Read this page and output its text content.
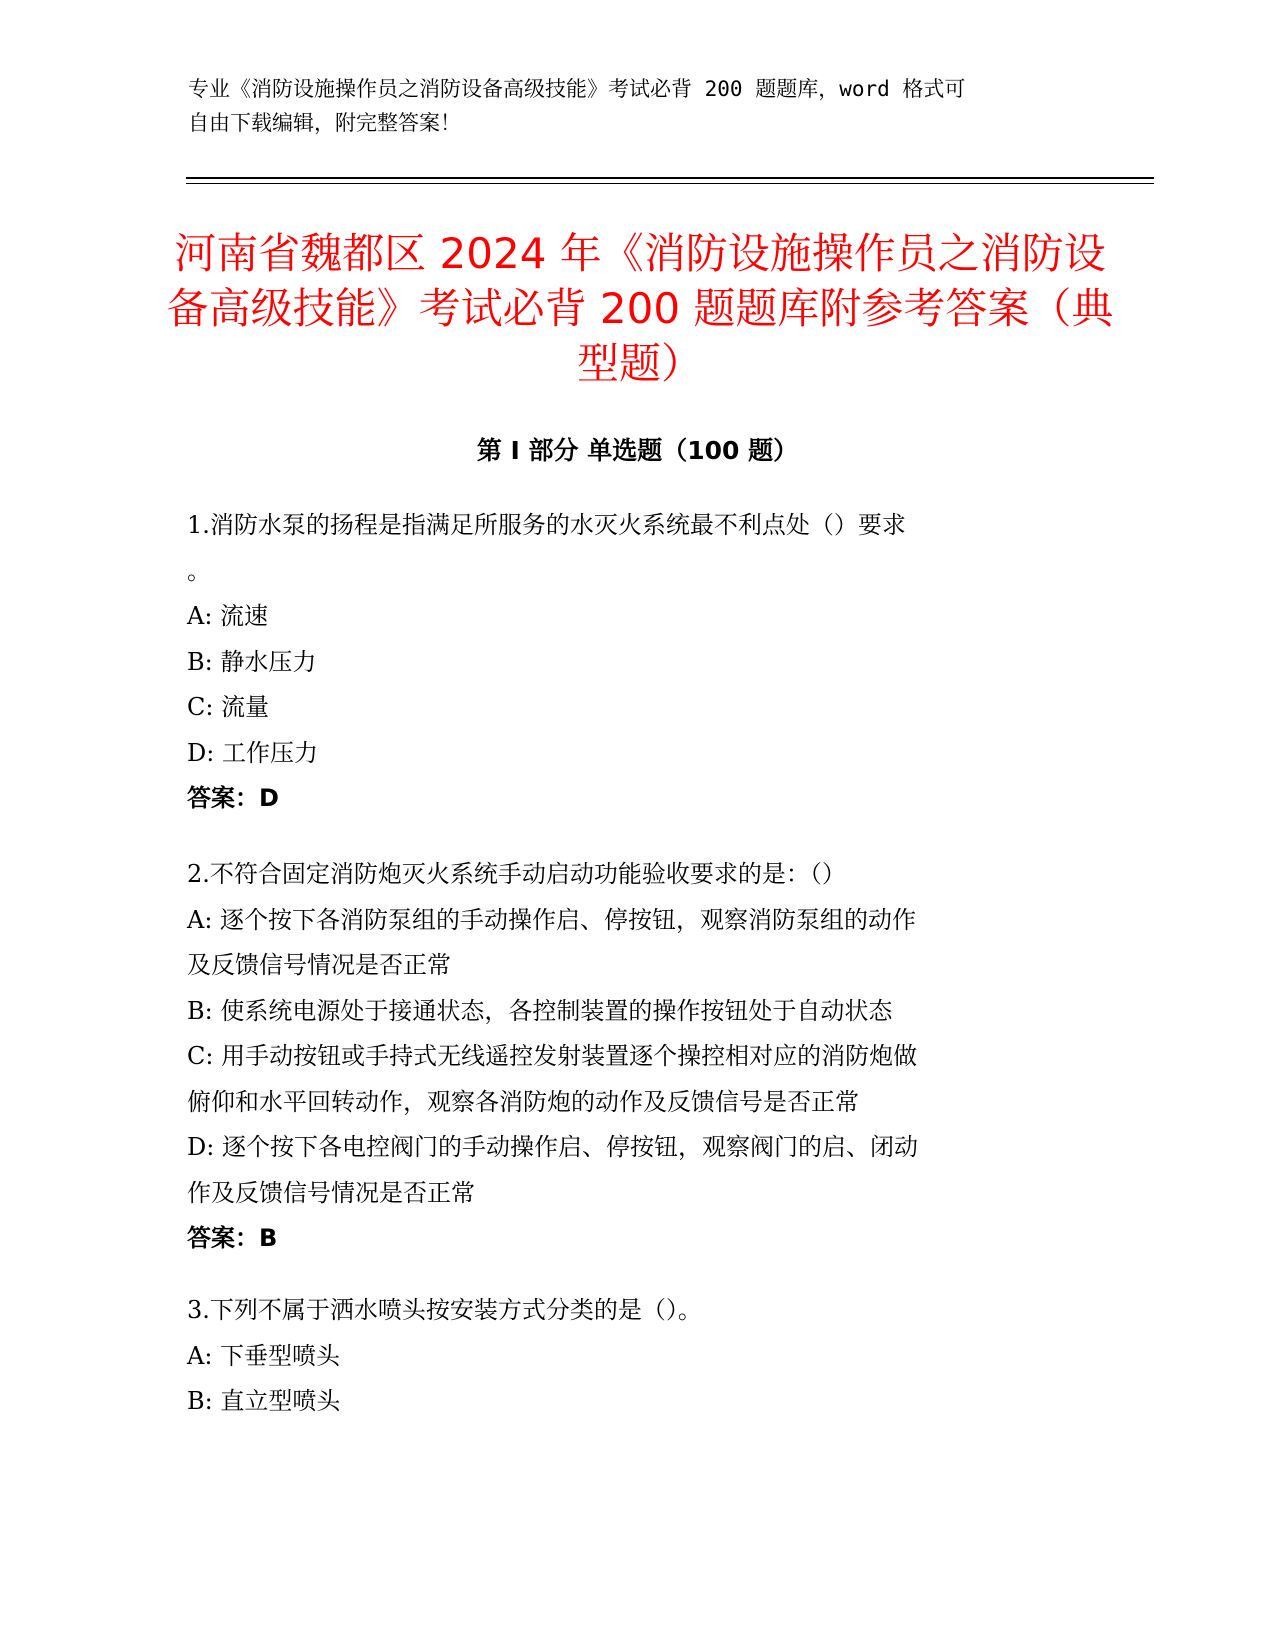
专业《消防设施操作员之消防设备高级技能》考试必背 200 题题库，word 格式可
自由下载编辑，附完整答案！
河南省魏都区 2024 年《消防设施操作员之消防设备高级技能》考试必背 200 题题库附参考答案（典型题）
第 I 部分 单选题（100 题）
1.消防水泵的扬程是指满足所服务的水灭火系统最不利点处（）要求
。
A: 流速
B: 静水压力
C: 流量
D: 工作压力
答案：D
2.不符合固定消防炮灭火系统手动启动功能验收要求的是：（）
A: 逐个按下各消防泵组的手动操作启、停按钮，观察消防泵组的动作
及反馈信号情况是否正常
B: 使系统电源处于接通状态，各控制装置的操作按钮处于自动状态
C: 用手动按钮或手持式无线遥控发射装置逐个操控相对应的消防炮做
俯仰和水平回转动作，观察各消防炮的动作及反馈信号是否正常
D: 逐个按下各电控阀门的手动操作启、停按钮，观察阀门的启、闭动
作及反馈信号情况是否正常
答案：B
3.下列不属于洒水喷头按安装方式分类的是（）。
A: 下垂型喷头
B: 直立型喷头
